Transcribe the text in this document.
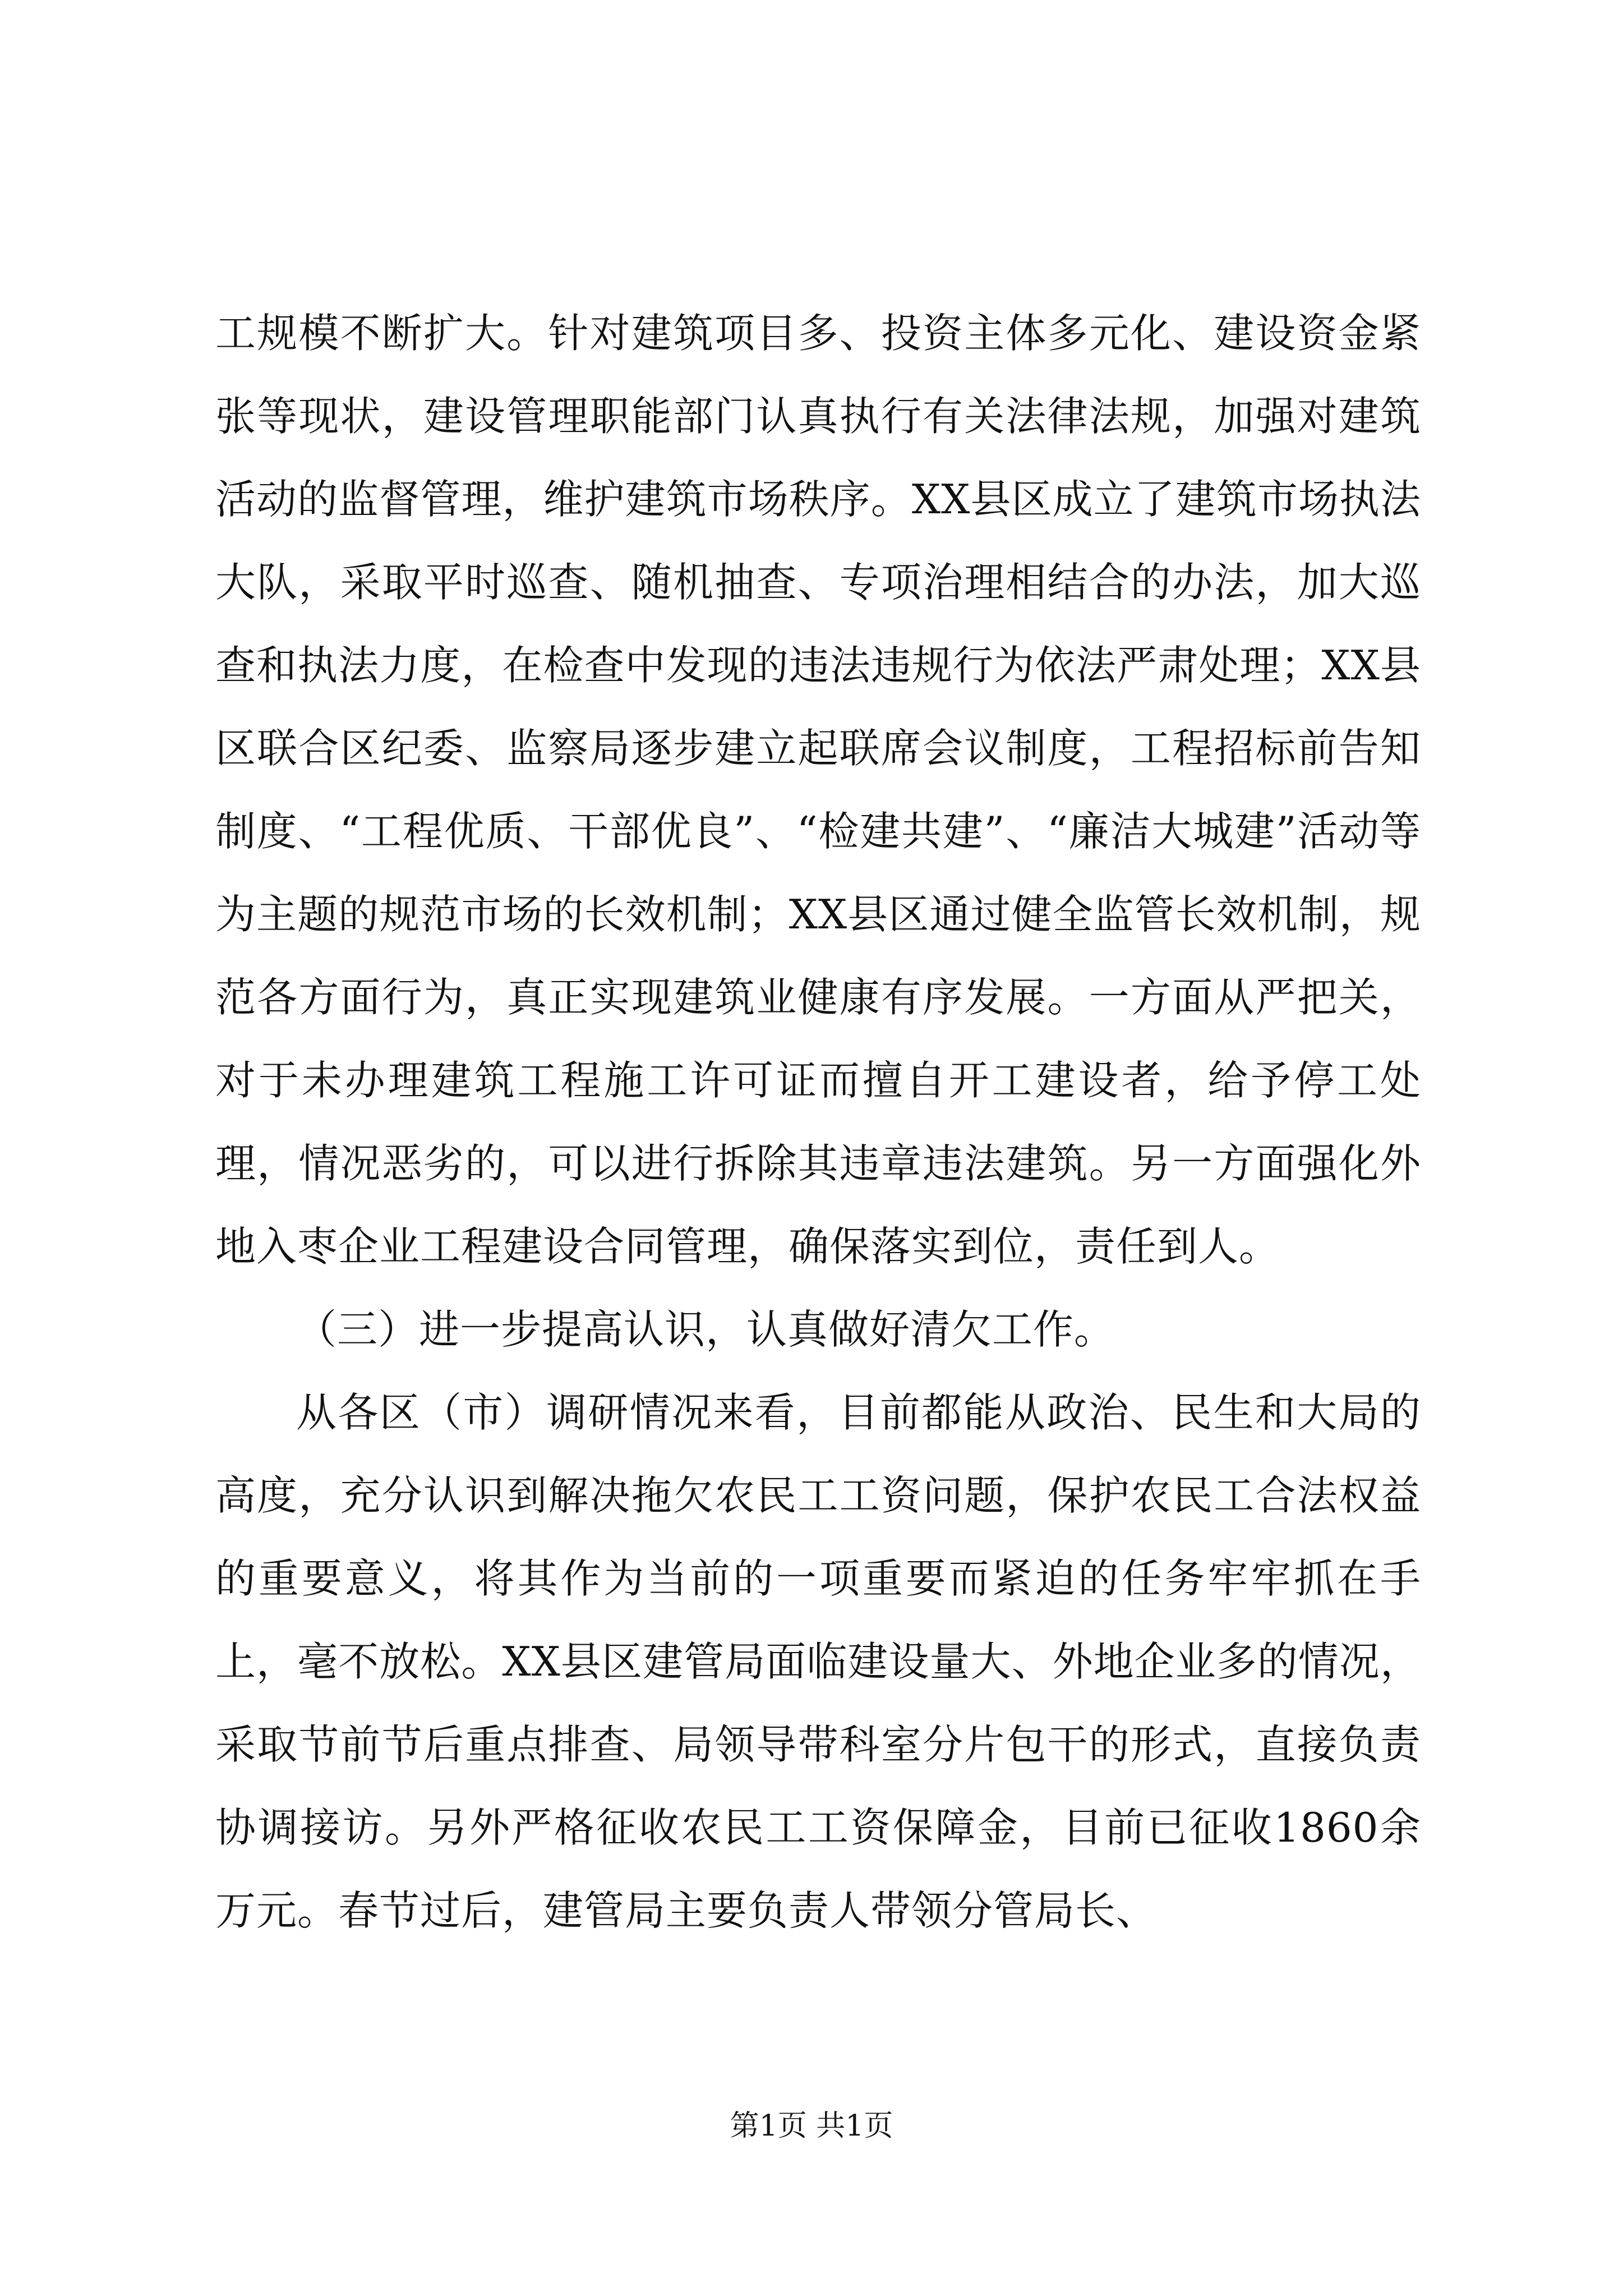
工规模不断扩大。针对建筑项目多、投资主体多元化、建设资金紧张等现状，建设管理职能部门认真执行有关法律法规，加强对建筑活动的监督管理，维护建筑市场秩序。XX县区成立了建筑市场执法大队，采取平时巡查、随机抽查、专项治理相结合的办法，加大巡查和执法力度，在检查中发现的违法违规行为依法严肃处理；XX县区联合区纪委、监察局逐步建立起联席会议制度，工程招标前告知制度、“工程优质、干部优良”、“检建共建”、“廉洁大城建”活动等为主题的规范市场的长效机制；XX县区通过健全监管长效机制，规范各方面行为，真正实现建筑业健康有序发展。一方面从严把关，对于未办理建筑工程施工许可证而擅自开工建设者，给予停工处理，情况恶劣的，可以进行拆除其违章违法建筑。另一方面强化外地入枣企业工程建设合同管理，确保落实到位，责任到人。

（三）进一步提高认识，认真做好清欠工作。

从各区（市）调研情况来看，目前都能从政治、民生和大局的高度，充分认识到解决拖欠农民工工资问题，保护农民工合法权益的重要意义，将其作为当前的一项重要而紧迫的任务牢牢抓在手上，毫不放松。XX县区建管局面临建设量大、外地企业多的情况，采取节前节后重点排查、局领导带科室分片包干的形式，直接负责协调接访。另外严格征收农民工工资保障金，目前已征收1860余万元。春节过后，建管局主要负责人带领分管局长、

第1页 共1页
